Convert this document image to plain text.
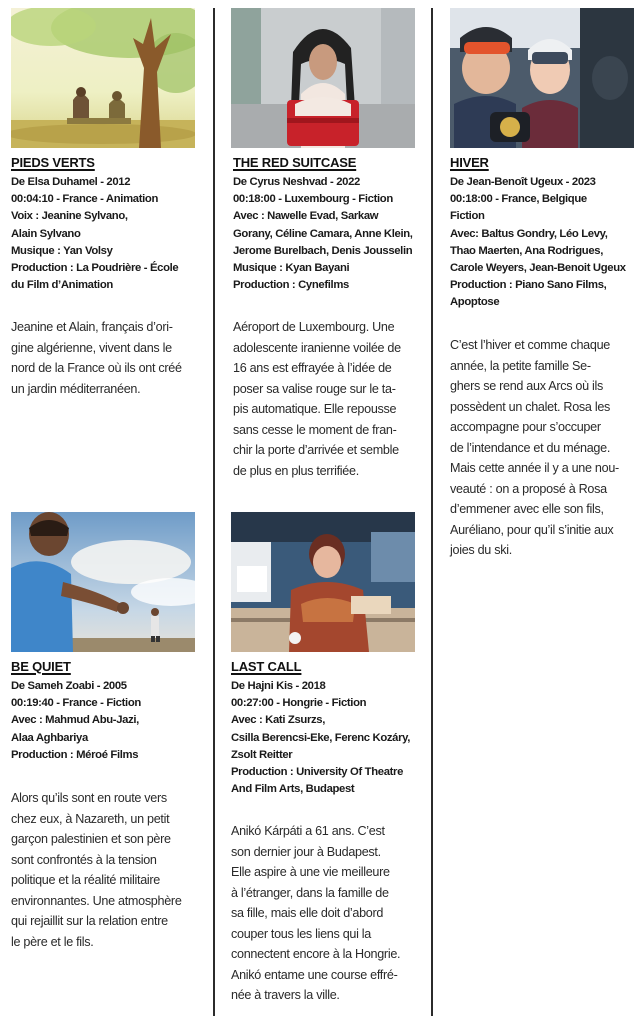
PIEDS VERTS
De Elsa Duhamel - 2012
00:04:10 - France - Animation
Voix : Jeanine Sylvano,
Alain Sylvano
Musique : Yan Volsy
Production : La Poudrière - École
du Film d’Animation
Jeanine et Alain, français d’ori-
gine algérienne, vivent dans le
nord de la France où ils ont créé
un jardin méditerranéen.
THE RED SUITCASE
De Cyrus Neshvad - 2022
00:18:00 - Luxembourg - Fiction
Avec : Nawelle Evad, Sarkaw
Gorany, Céline Camara, Anne Klein,
Jerome Burelbach, Denis Jousselin
Musique : Kyan Bayani
Production : Cynefilms
Aéroport de Luxembourg. Une
adolescente iranienne voilée de
16 ans est effrayée à l’idée de
poser sa valise rouge sur le ta-
pis automatique. Elle repousse
sans cesse le moment de fran-
chir la porte d’arrivée et semble
de plus en plus terrifiée.
HIVER
De Jean-Benoît Ugeux - 2023
00:18:00 - France, Belgique
Fiction
Avec: Baltus Gondry, Léo Levy,
Thao Maerten, Ana Rodrigues,
Carole Weyers, Jean-Benoit Ugeux
Production : Piano Sano Films,
Apoptose
C’est l’hiver et comme chaque
année, la petite famille Se-
ghers se rend aux Arcs où ils
possèdent un chalet. Rosa les
accompagne pour s’occuper
de l’intendance et du ménage.
Mais cette année il y a une nou-
veauté : on a proposé à Rosa
d’emmener avec elle son fils,
Auréliano, pour qu’il s’initie aux
joies du ski.
BE QUIET
De Sameh Zoabi - 2005
00:19:40 - France - Fiction
Avec : Mahmud Abu-Jazi,
Alaa Aghbariya
Production : Méroé Films
Alors qu’ils sont en route vers
chez eux, à Nazareth, un petit
garçon palestinien et son père
sont confrontés à la tension
politique et la réalité militaire
environnantes. Une atmosphère
qui rejaillit sur la relation entre
le père et le fils.
LAST CALL
De Hajni Kis - 2018
00:27:00 - Hongrie - Fiction
Avec : Kati Zsurzs,
Csilla Berencsi-Eke, Ferenc Kozáry,
Zsolt Reitter
Production : University Of Theatre
And Film Arts, Budapest
Anikó Kárpáti a 61 ans. C’est
son dernier jour à Budapest.
Elle aspire à une vie meilleure
à l’étranger, dans la famille de
sa fille, mais elle doit d’abord
couper tous les liens qui la
connectent encore à la Hongrie.
Anikó entame une course effré-
née à travers la ville.
